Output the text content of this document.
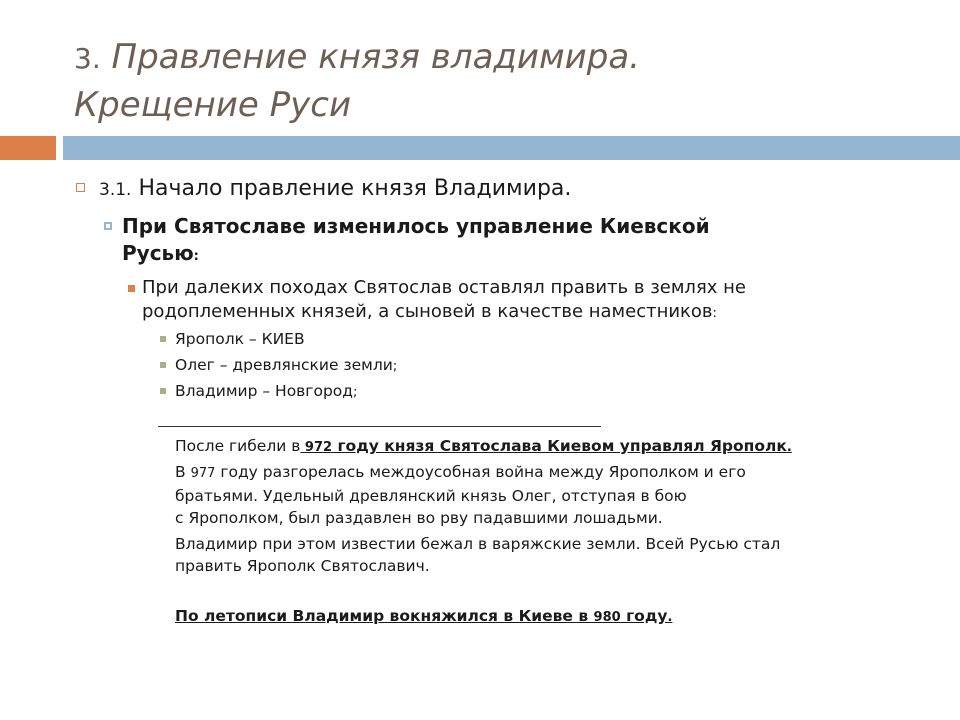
3. Правление князя владимира.
Крещение Руси
3.1. Начало правление князя Владимира.
При Святославе изменилось управление Киевской
Русью:
При далеких походах Святослав оставлял править в землях не
родоплеменных князей, а сыновей в качестве наместников:
Ярополк – КИЕВ
Олег – древлянские земли;
Владимир – Новгород;
После гибели в 972 году князя Святослава Киевом управлял Ярополк.
В 977 году разгорелась междоусобная война между Ярополком и его
братьями. Удельный древлянский князь Олег, отступая в бою
с Ярополком, был раздавлен во рву падавшими лошадьми.
Владимир при этом известии бежал в варяжские земли. Всей Русью стал
править Ярополк Святославич.
По летописи Владимир вокняжился в Киеве в 980 году.
